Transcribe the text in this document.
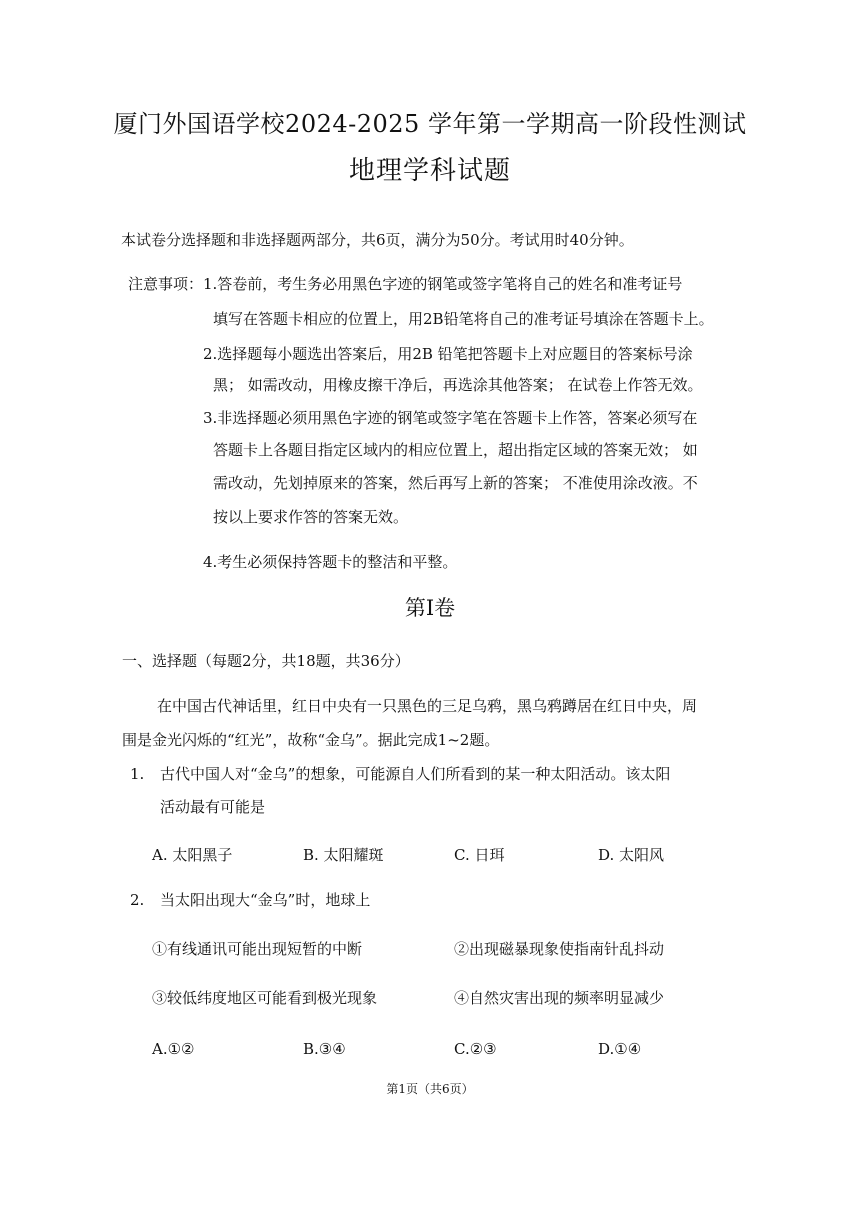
厦门外国语学校2024-2025 学年第一学期高一阶段性测试
地理学科试题
本试卷分选择题和非选择题两部分，共6页，满分为50分。考试用时40分钟。
注意事项： 1.答卷前，考生务必用黑色字迹的钢笔或签字笔将自己的姓名和准考证号
填写在答题卡相应的位置上，用2B铅笔将自己的准考证号填涂在答题卡上。
2.选择题每小题选出答案后，用2B 铅笔把答题卡上对应题目的答案标号涂
黑； 如需改动，用橡皮擦干净后，再选涂其他答案； 在试卷上作答无效。
3.非选择题必须用黑色字迹的钢笔或签字笔在答题卡上作答，答案必须写在
答题卡上各题目指定区域内的相应位置上，超出指定区域的答案无效； 如
需改动，先划掉原来的答案，然后再写上新的答案； 不准使用涂改液。不
按以上要求作答的答案无效。
4.考生必须保持答题卡的整洁和平整。
第Ⅰ卷
一、选择题（每题2分，共18题，共36分）
在中国古代神话里，红日中央有一只黑色的三足乌鸦，黑乌鸦蹲居在红日中央，周
围是金光闪烁的“红光”，故称“金乌”。据此完成1~2题。
1. 古代中国人对“金乌”的想象，可能源自人们所看到的某一种太阳活动。该太阳
活动最有可能是
A. 太阳黑子	B. 太阳耀斑	C. 日珥	D. 太阳风
2. 当太阳出现大“金乌”时，地球上
①有线通讯可能出现短暂的中断	②出现磁暴现象使指南针乱抖动
③较低纬度地区可能看到极光现象	④自然灾害出现的频率明显减少
A.①②	B.③④	C.②③	D.①④
第1页（共6页）
